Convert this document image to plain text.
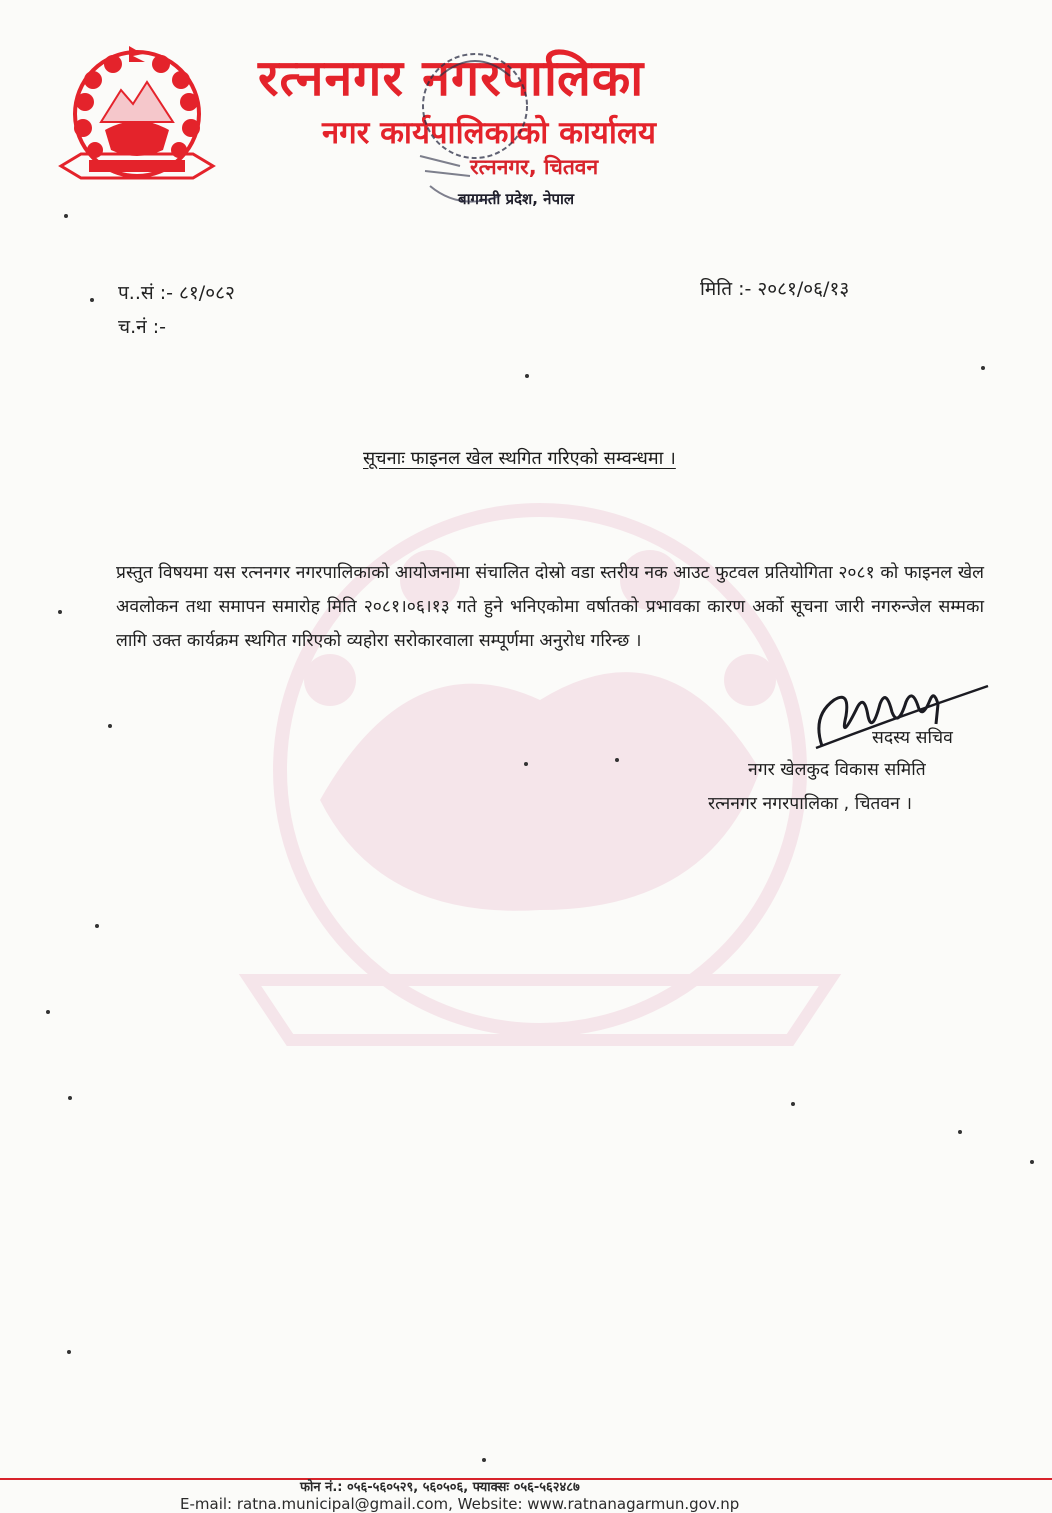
रत्ननगर नगरपालिका
नगर कार्यपालिकाको कार्यालय
रत्ननगर, चितवन
बागमती प्रदेश, नेपाल
प..सं :- ८१/०८२
च.नं :-
मिति :- २०८१/०६/१३
सूचनाः फाइनल खेल स्थगित गरिएको सम्वन्धमा ।
प्रस्तुत विषयमा यस रत्ननगर नगरपालिकाको आयोजनामा संचालित दोस्रो वडा स्तरीय नक आउट फुटवल प्रतियोगिता २०८१ को फाइनल खेल अवलोकन तथा समापन समारोह मिति २०८१।०६।१३ गते हुने भनिएकोमा वर्षातको प्रभावका कारण अर्को सूचना जारी नगरुन्जेल सम्मका लागि उक्त कार्यक्रम स्थगित गरिएको व्यहोरा सरोकारवाला सम्पूर्णमा अनुरोध गरिन्छ ।
सदस्य सचिव
नगर खेलकुद विकास समिति
रत्ननगर नगरपालिका , चितवन ।
फोन नं.: ०५६-५६०५२९, ५६०५०६, फ्याक्सः ०५६-५६२४८७
E-mail: ratna.municipal@gmail.com, Website: www.ratnanagarmun.gov.np
